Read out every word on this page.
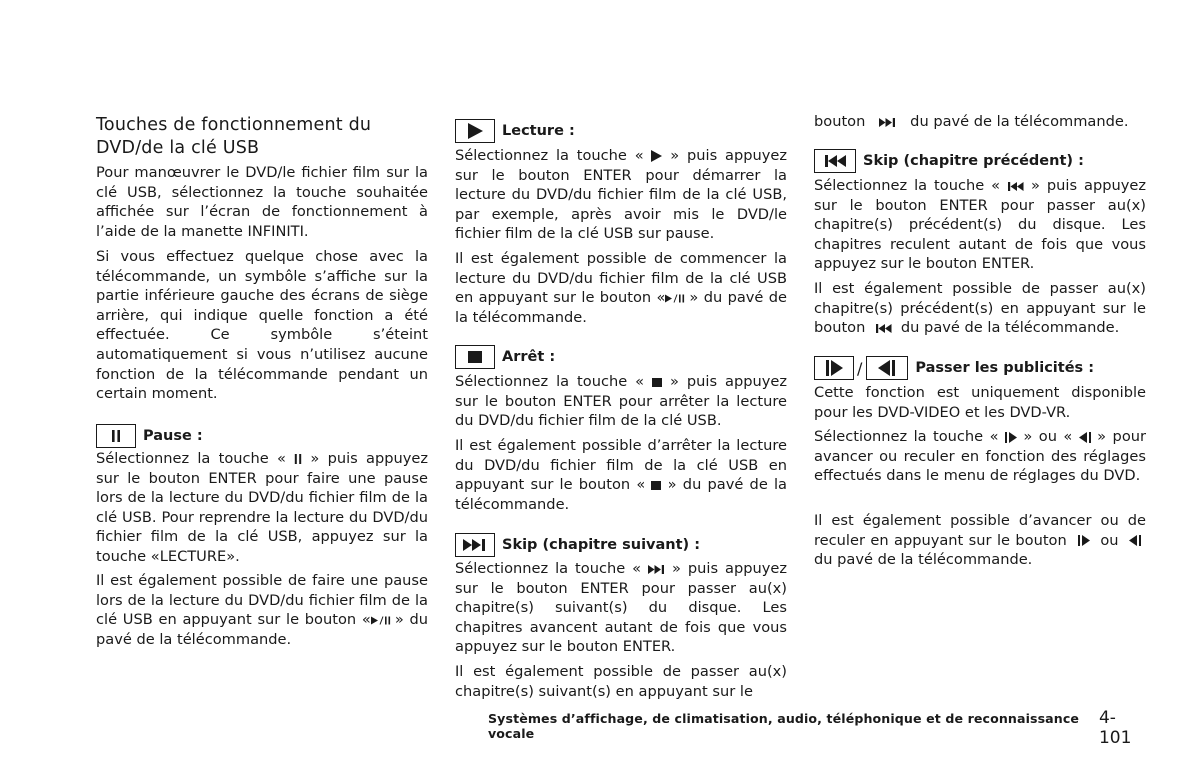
Touches de fonctionnement du DVD/de la clé USB

Pour manœuvrer le DVD/le fichier film sur la clé USB, sélectionnez la touche souhaitée affichée sur l’écran de fonctionnement à l’aide de la manette INFINITI.

Si vous effectuez quelque chose avec la télécommande, un symbôle s’affiche sur la partie inférieure gauche des écrans de siège arrière, qui indique quelle fonction a été effectuée. Ce symbôle s’éteint automatiquement si vous n’utilisez aucune fonction de la télécommande pendant un certain moment.

Pause :

Sélectionnez la touche «  » puis appuyez sur le bouton ENTER pour faire une pause lors de la lecture du DVD/du fichier film de la clé USB. Pour reprendre la lecture du DVD/du fichier film de la clé USB, appuyez sur la touche «LECTURE».

Il est également possible de faire une pause lors de la lecture du DVD/du fichier film de la clé USB en appuyant sur le bouton « » du pavé de la télécommande.

Lecture :

Sélectionnez la touche «  » puis appuyez sur le bouton ENTER pour démarrer la lecture du DVD/du fichier film de la clé USB, par exemple, après avoir mis le DVD/le fichier film de la clé USB sur pause.

Il est également possible de commencer la lecture du DVD/du fichier film de la clé USB en appuyant sur le bouton « » du pavé de la télécommande.

Arrêt :

Sélectionnez la touche «  » puis appuyez sur le bouton ENTER pour arrêter la lecture du DVD/du fichier film de la clé USB.

Il est également possible d’arrêter la lecture du DVD/du fichier film de la clé USB en appuyant sur le bouton «  » du pavé de la télécommande.

Skip (chapitre suivant) :

Sélectionnez la touche «  » puis appuyez sur le bouton ENTER pour passer au(x) chapitre(s) suivant(s) du disque. Les chapitres avancent autant de fois que vous appuyez sur le bouton ENTER.

Il est également possible de passer au(x) chapitre(s) suivant(s) en appuyant sur le

bouton      du pavé de la télécommande.

Skip (chapitre précédent) :

Sélectionnez la touche «  » puis appuyez sur le bouton ENTER pour passer au(x) chapitre(s) précédent(s) du disque. Les chapitres reculent autant de fois que vous appuyez sur le bouton ENTER.

Il est également possible de passer au(x) chapitre(s) précédent(s) en appuyant sur le bouton    du pavé de la télécommande.

/	Passer les publicités :

Cette fonction est uniquement disponible pour les DVD-VIDEO et les DVD-VR.

Sélectionnez la touche «  » ou «  » pour avancer ou reculer en fonction des réglages effectués dans le menu de réglages du DVD.

Il est également possible d’avancer ou de reculer en appuyant sur le bouton    ou    du pavé de la télécommande.

Systèmes d’affichage, de climatisation, audio, téléphonique et de reconnaissance vocale
4-101
